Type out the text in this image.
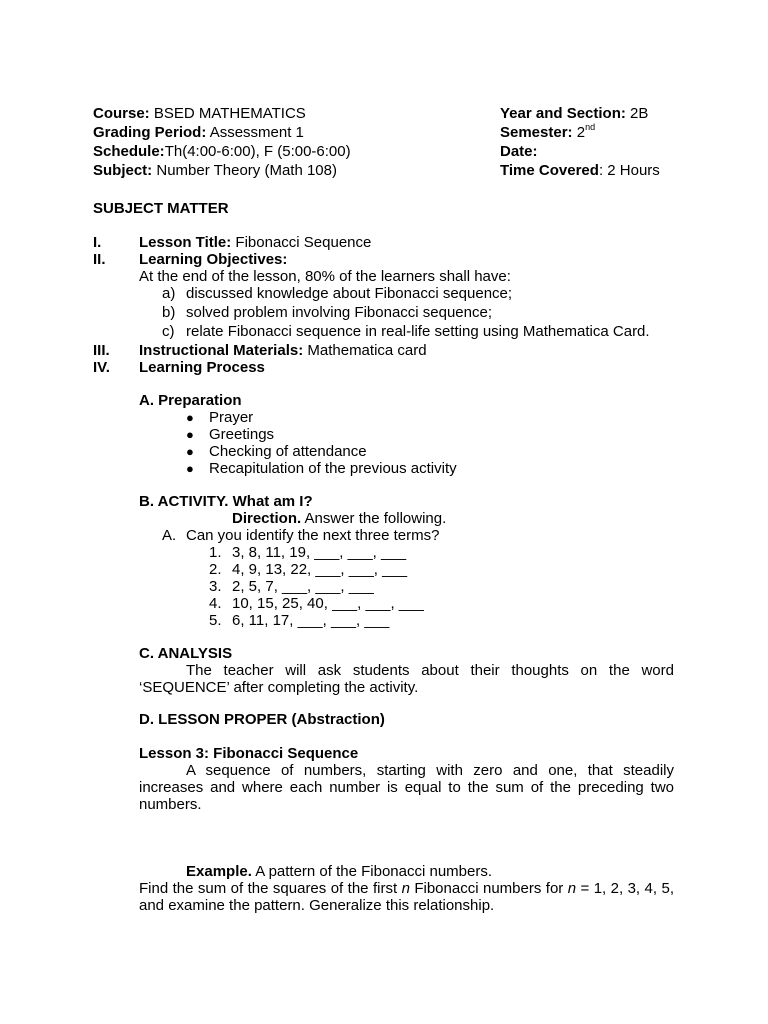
Course: BSED MATHEMATICS
Grading Period: Assessment 1
Schedule:Th(4:00-6:00), F (5:00-6:00)
Subject: Number Theory (Math 108)
Year and Section: 2B
Semester: 2nd
Date:
Time Covered: 2 Hours
SUBJECT MATTER
I.	Lesson Title: Fibonacci Sequence
II. Learning Objectives:
At the end of the lesson, 80% of the learners shall have:
a) discussed knowledge about Fibonacci sequence;
b) solved problem involving Fibonacci sequence;
c) relate Fibonacci sequence in real-life setting using Mathematica Card.
III. Instructional Materials: Mathematica card
IV. Learning Process
A. Preparation
● Prayer
● Greetings
● Checking of attendance
● Recapitulation of the previous activity
B. ACTIVITY. What am I?
Direction. Answer the following.
A. Can you identify the next three terms?
1. 3, 8, 11, 19, ___, ___, ___
2. 4, 9, 13, 22, ___, ___, ___
3. 2, 5, 7, ___, ___, ___
4. 10, 15, 25, 40, ___, ___, ___
5. 6, 11, 17, ___, ___, ___
C. ANALYSIS
The teacher will ask students about their thoughts on the word ‘SEQUENCE’ after completing the activity.
D. LESSON PROPER (Abstraction)
Lesson 3: Fibonacci Sequence
A sequence of numbers, starting with zero and one, that steadily increases and where each number is equal to the sum of the preceding two numbers.
Example. A pattern of the Fibonacci numbers.
Find the sum of the squares of the first n Fibonacci numbers for n = 1, 2, 3, 4, 5, and examine the pattern. Generalize this relationship.
